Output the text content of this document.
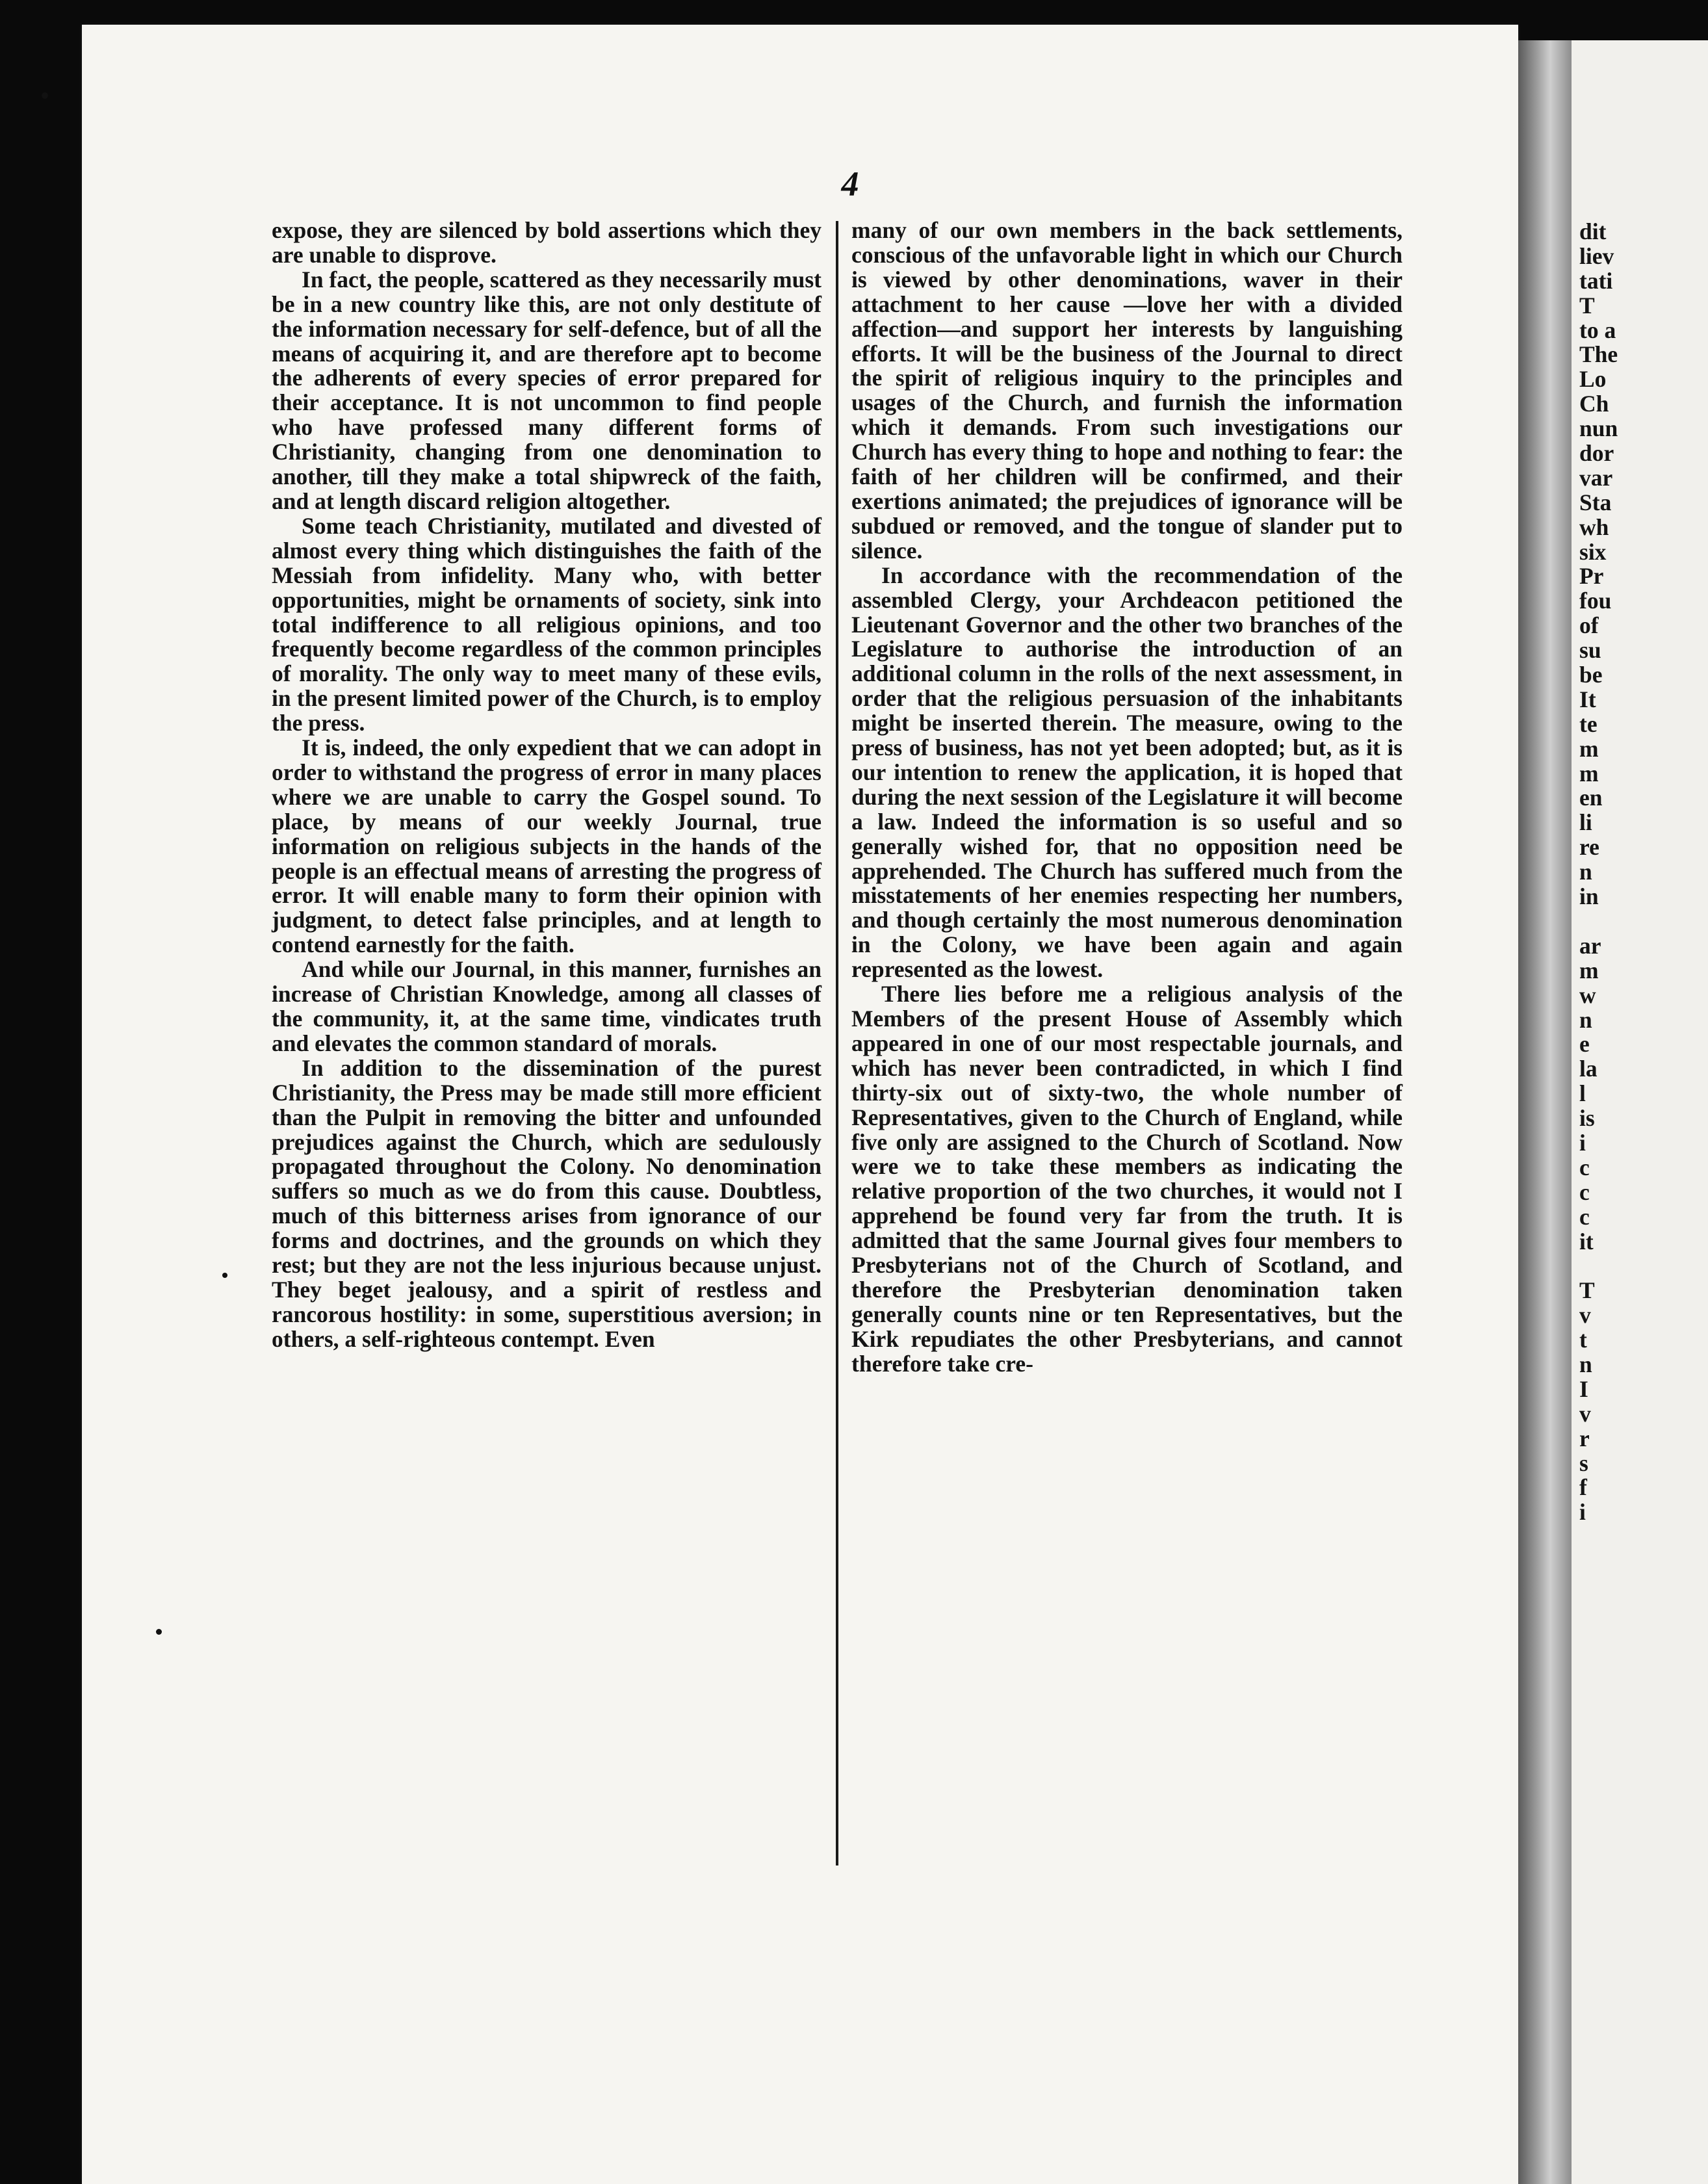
4

expose, they are silenced by bold assertions which they are unable to disprove.

In fact, the people, scattered as they necessarily must be in a new country like this, are not only destitute of the information necessary for self-defence, but of all the means of acquiring it, and are therefore apt to become the adherents of every species of error prepared for their acceptance. It is not uncommon to find people who have professed many different forms of Christianity, changing from one denomination to another, till they make a total shipwreck of the faith, and at length discard religion altogether.

Some teach Christianity, mutilated and divested of almost every thing which distinguishes the faith of the Messiah from infidelity. Many who, with better opportunities, might be ornaments of society, sink into total indifference to all religious opinions, and too frequently become regardless of the common principles of morality. The only way to meet many of these evils, in the present limited power of the Church, is to employ the press.

It is, indeed, the only expedient that we can adopt in order to withstand the progress of error in many places where we are unable to carry the Gospel sound. To place, by means of our weekly Journal, true information on religious subjects in the hands of the people is an effectual means of arresting the progress of error. It will enable many to form their opinion with judgment, to detect false principles, and at length to contend earnestly for the faith.

And while our Journal, in this manner, furnishes an increase of Christian Knowledge, among all classes of the community, it, at the same time, vindicates truth and elevates the common standard of morals.

In addition to the dissemination of the purest Christianity, the Press may be made still more efficient than the Pulpit in removing the bitter and unfounded prejudices against the Church, which are sedulously propagated throughout the Colony. No denomination suffers so much as we do from this cause. Doubtless, much of this bitterness arises from ignorance of our forms and doctrines, and the grounds on which they rest; but they are not the less injurious because unjust. They beget jealousy, and a spirit of restless and rancorous hostility: in some, superstitious aversion; in others, a self-righteous contempt. Even

many of our own members in the back settlements, conscious of the unfavorable light in which our Church is viewed by other denominations, waver in their attachment to her cause —love her with a divided affection—and support her interests by languishing efforts. It will be the business of the Journal to direct the spirit of religious inquiry to the principles and usages of the Church, and furnish the information which it demands. From such investigations our Church has every thing to hope and nothing to fear: the faith of her children will be confirmed, and their exertions animated; the prejudices of ignorance will be subdued or removed, and the tongue of slander put to silence.

In accordance with the recommendation of the assembled Clergy, your Archdeacon petitioned the Lieutenant Governor and the other two branches of the Legislature to authorise the introduction of an additional column in the rolls of the next assessment, in order that the religious persuasion of the inhabitants might be inserted therein. The measure, owing to the press of business, has not yet been adopted; but, as it is our intention to renew the application, it is hoped that during the next session of the Legislature it will become a law. Indeed the information is so useful and so generally wished for, that no opposition need be apprehended. The Church has suffered much from the misstatements of her enemies respecting her numbers, and though certainly the most numerous denomination in the Colony, we have been again and again represented as the lowest.

There lies before me a religious analysis of the Members of the present House of Assembly which appeared in one of our most respectable journals, and which has never been contradicted, in which I find thirty-six out of sixty-two, the whole number of Representatives, given to the Church of England, while five only are assigned to the Church of Scotland. Now were we to take these members as indicating the relative proportion of the two churches, it would not I apprehend be found very far from the truth. It is admitted that the same Journal gives four members to Presbyterians not of the Church of Scotland, and therefore the Presbyterian denomination taken generally counts nine or ten Representatives, but the Kirk repudiates the other Presbyterians, and cannot therefore take cre-

dit
liev
tati
T
to a
The
Lo
Ch
nun
dor
var
Sta
wh
six
Pr
fou
of
su
be
It
te
m
m
en
li
re
n
in
ar
m
w
n
e
la
l
is
i
c
c
c
it
T
v
t
n
I
v
r
s
f
i
